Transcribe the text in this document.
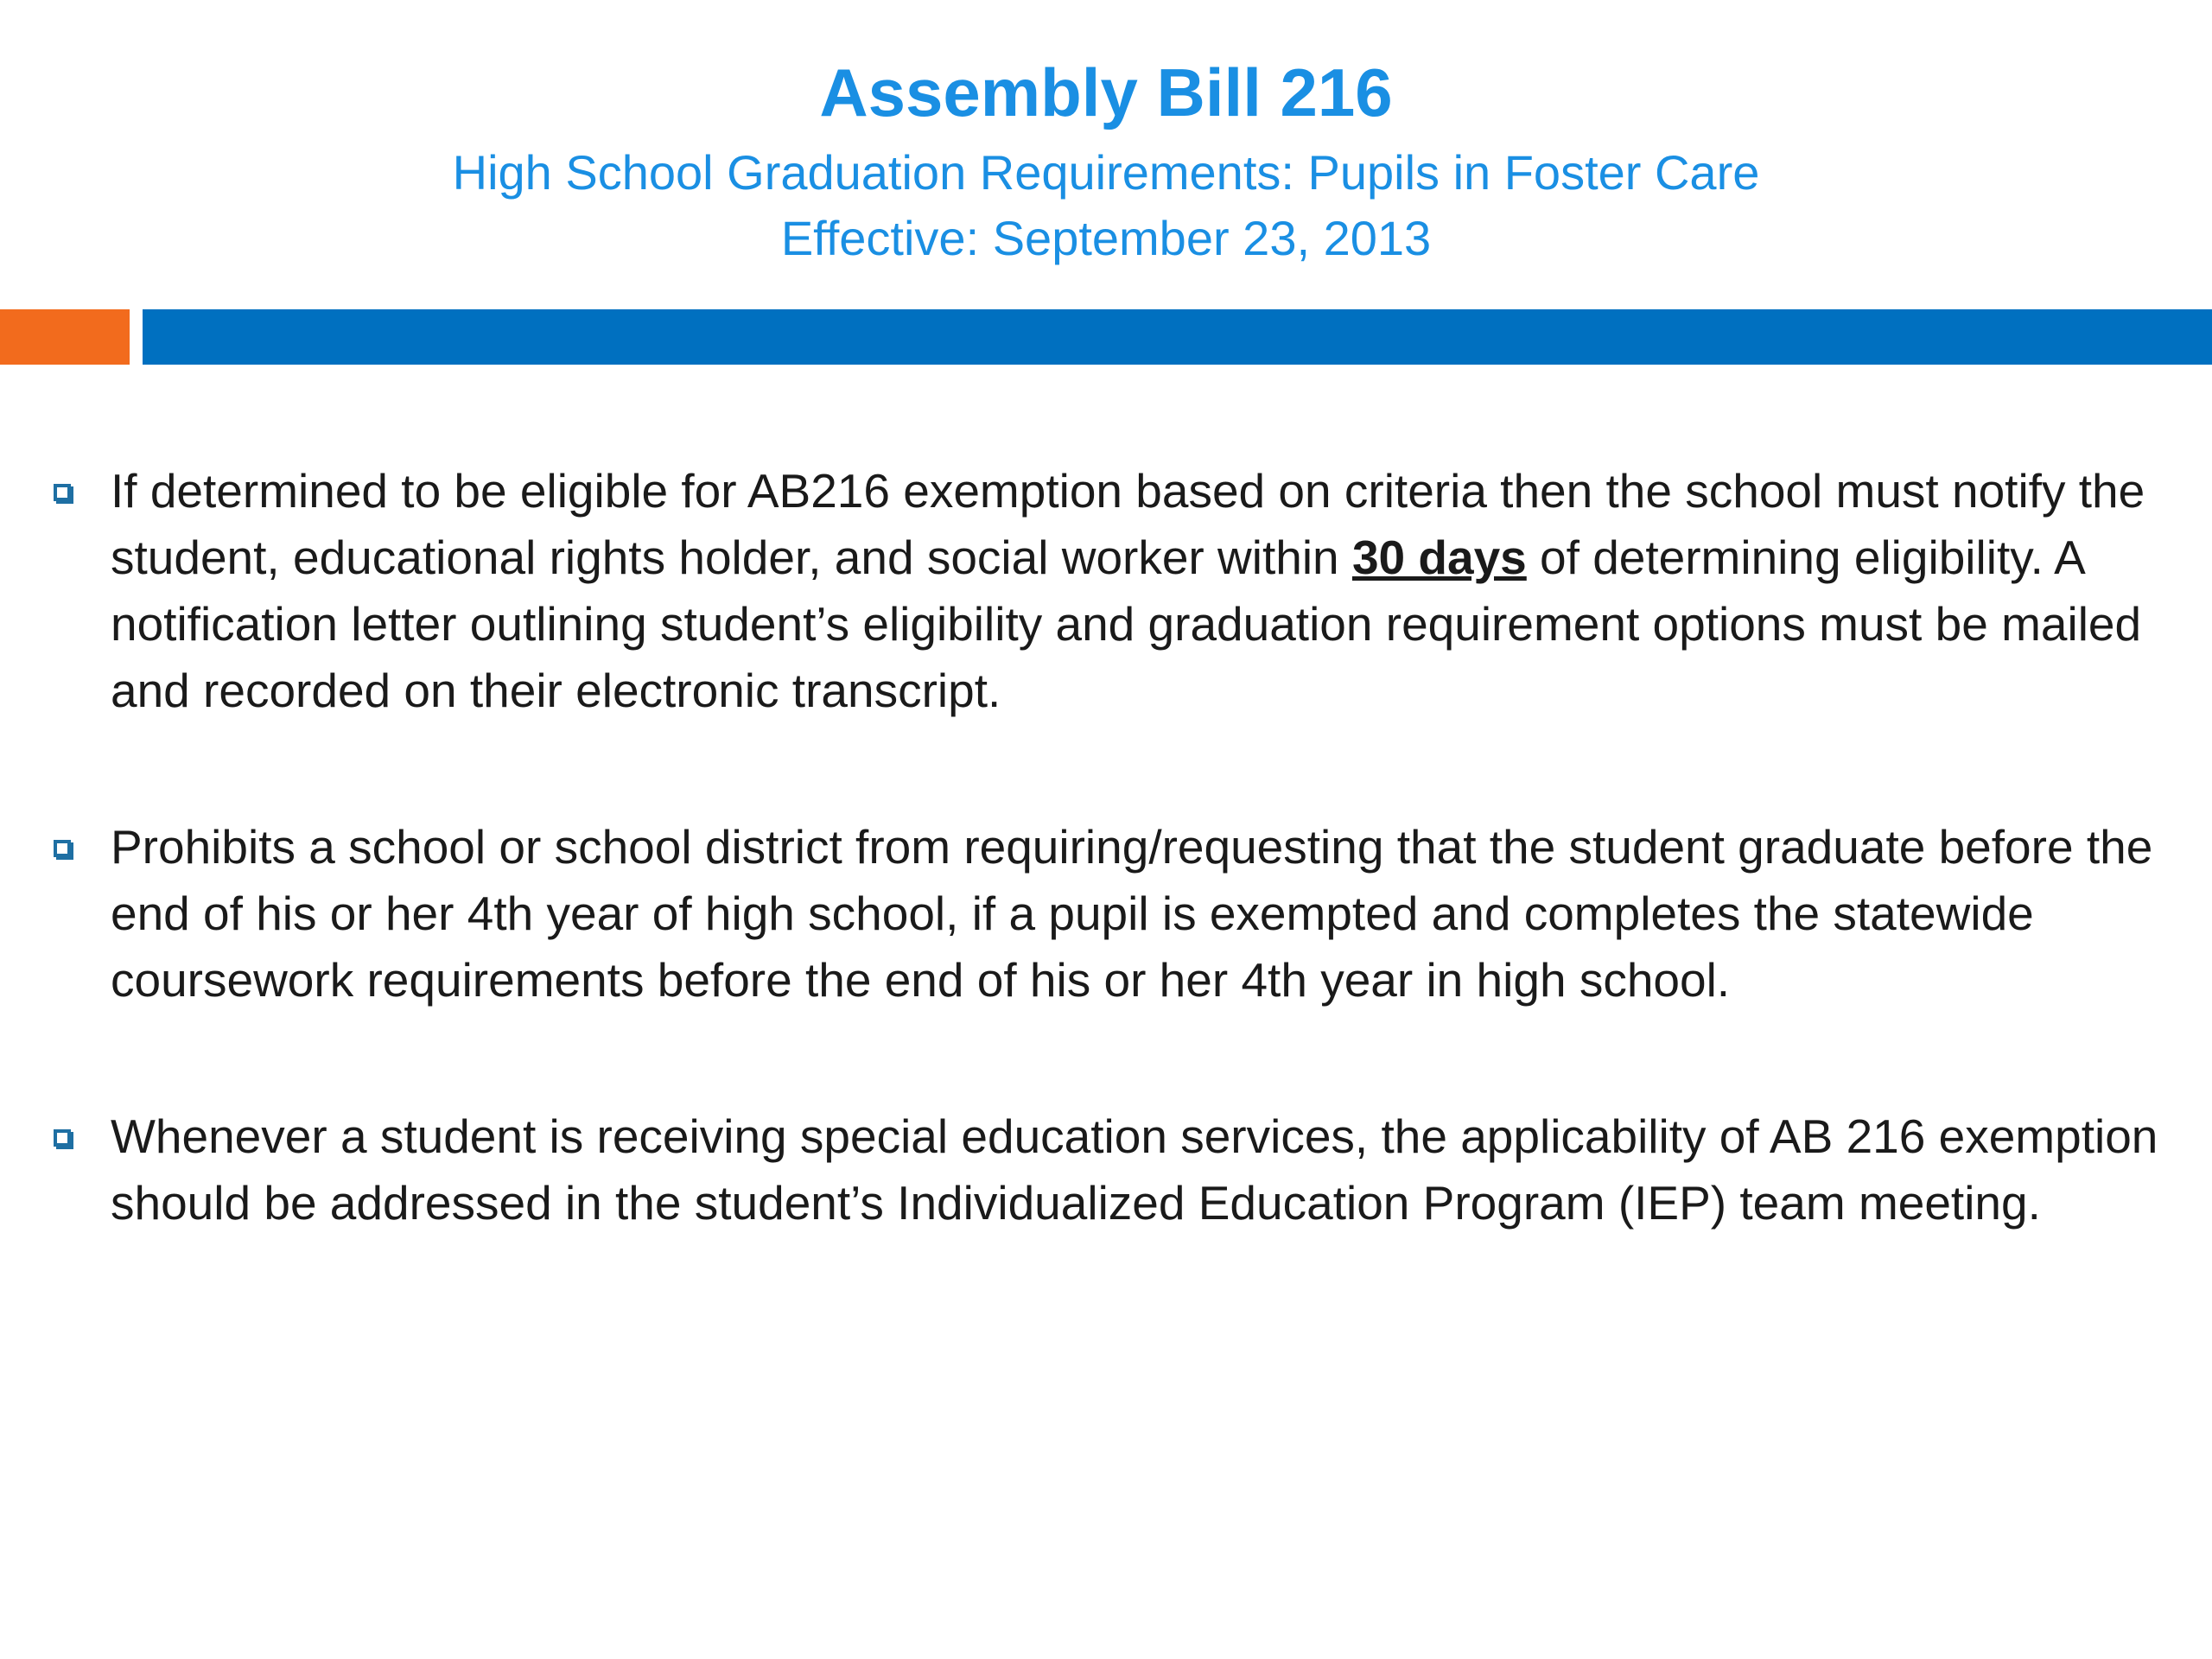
Assembly Bill 216
High School Graduation Requirements: Pupils in Foster Care
Effective: September 23, 2013
If determined to be eligible for AB216 exemption based on criteria then the school must notify the student, educational rights holder, and social worker within 30 days of determining eligibility. A notification letter outlining student’s eligibility and graduation requirement options must be mailed and recorded on their electronic transcript.
Prohibits a school or school district from requiring/requesting that the student graduate before the end of his or her 4th year of high school, if a pupil is exempted and completes the statewide coursework requirements before the end of his or her 4th year in high school.
Whenever a student is receiving special education services, the applicability of AB 216 exemption should be addressed in the student’s Individualized Education Program (IEP) team meeting.
